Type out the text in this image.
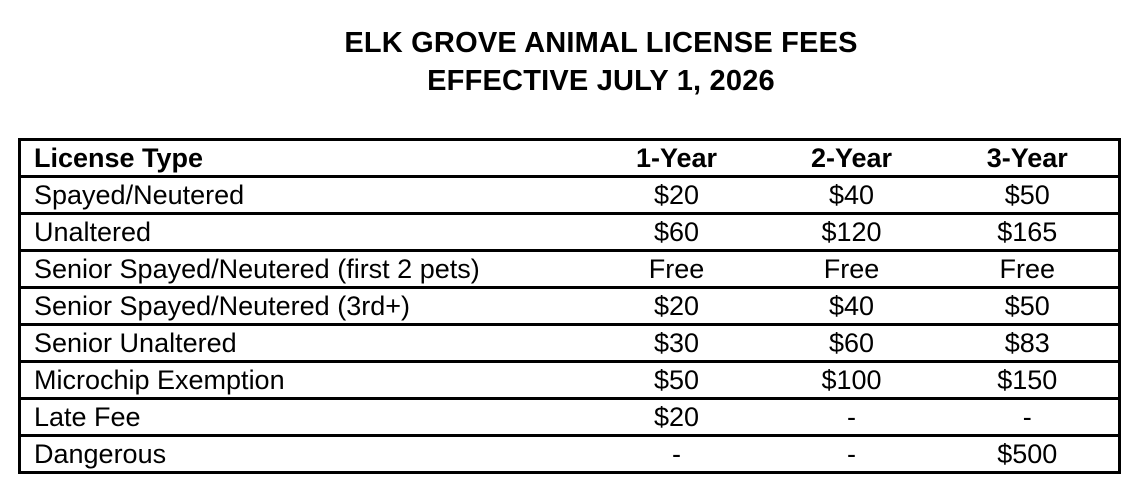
ELK GROVE ANIMAL LICENSE FEES
EFFECTIVE JULY 1, 2026
License Type	1-Year	2-Year	3-Year
Spayed/Neutered	$20	$40	$50
Unaltered	$60	$120	$165
Senior Spayed/Neutered (first 2 pets)	Free	Free	Free
Senior Spayed/Neutered (3rd+)	$20	$40	$50
Senior Unaltered	$30	$60	$83
Microchip Exemption	$50	$100	$150
Late Fee	$20	-	-
Dangerous	-	-	$500
